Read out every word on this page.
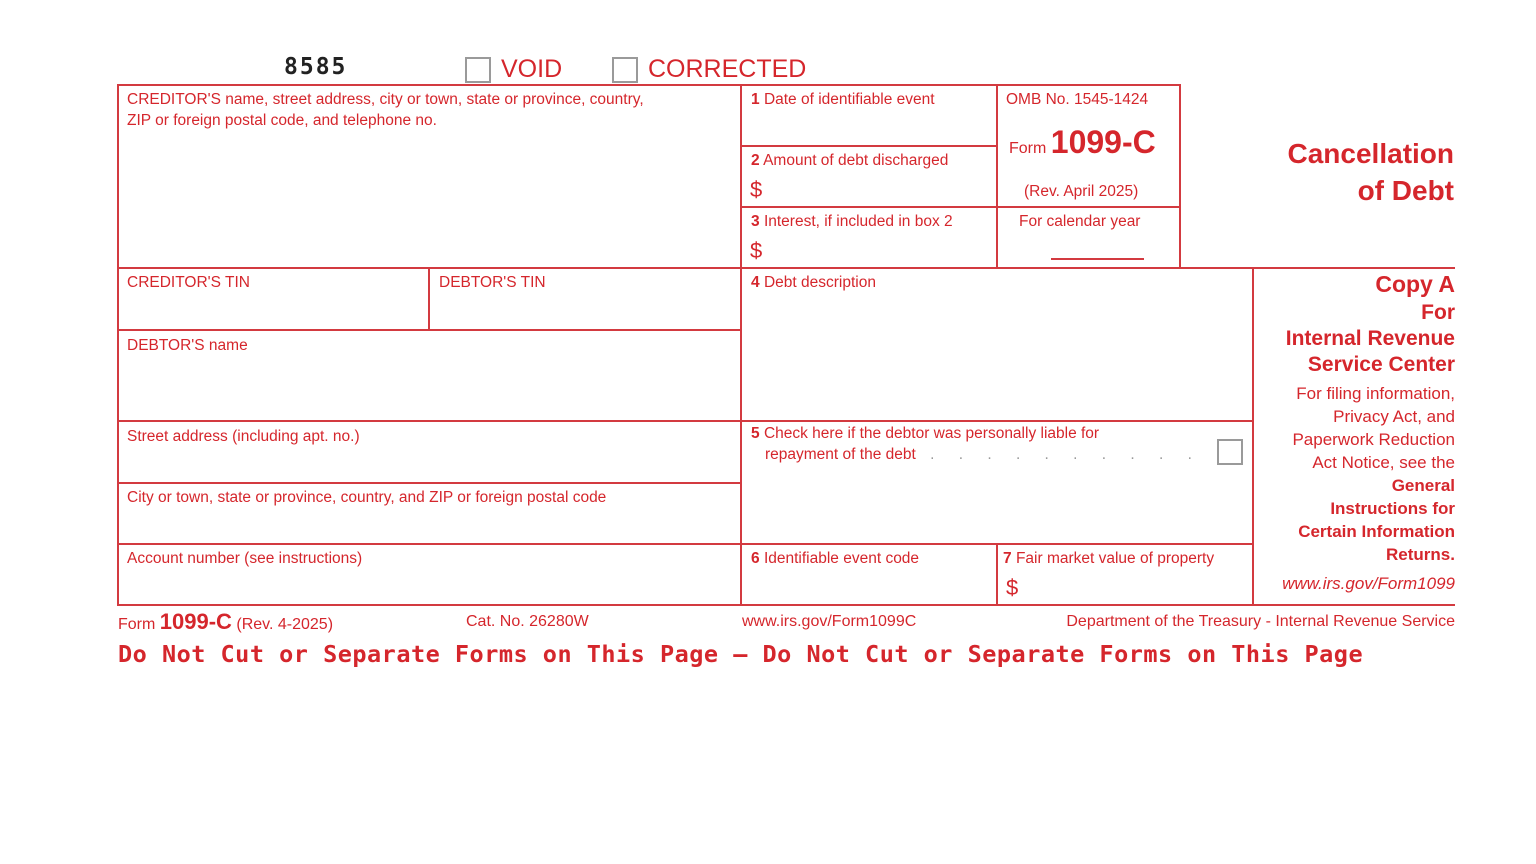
8585	VOID	CORRECTED
CREDITOR'S name, street address, city or town, state or province, country,
ZIP or foreign postal code, and telephone no.
1 Date of identifiable event
2 Amount of debt discharged
$
3 Interest, if included in box 2
$
OMB No. 1545-1424
Form 1099-C
(Rev. April 2025)
For calendar year
Cancellation
of Debt
CREDITOR'S TIN	DEBTOR'S TIN
DEBTOR'S name
Street address (including apt. no.)
City or town, state or province, country, and ZIP or foreign postal code
Account number (see instructions)
4 Debt description
5 Check here if the debtor was personally liable for
repayment of the debt . . . . . . . . . .
6 Identifiable event code	7 Fair market value of property
$
Copy A
For
Internal Revenue
Service Center
For filing information,
Privacy Act, and
Paperwork Reduction
Act Notice, see the
General
Instructions for
Certain Information
Returns.
www.irs.gov/Form1099
Form 1099-C (Rev. 4-2025)	Cat. No. 26280W	www.irs.gov/Form1099C	Department of the Treasury - Internal Revenue Service
Do Not Cut or Separate Forms on This Page — Do Not Cut or Separate Forms on This Page
